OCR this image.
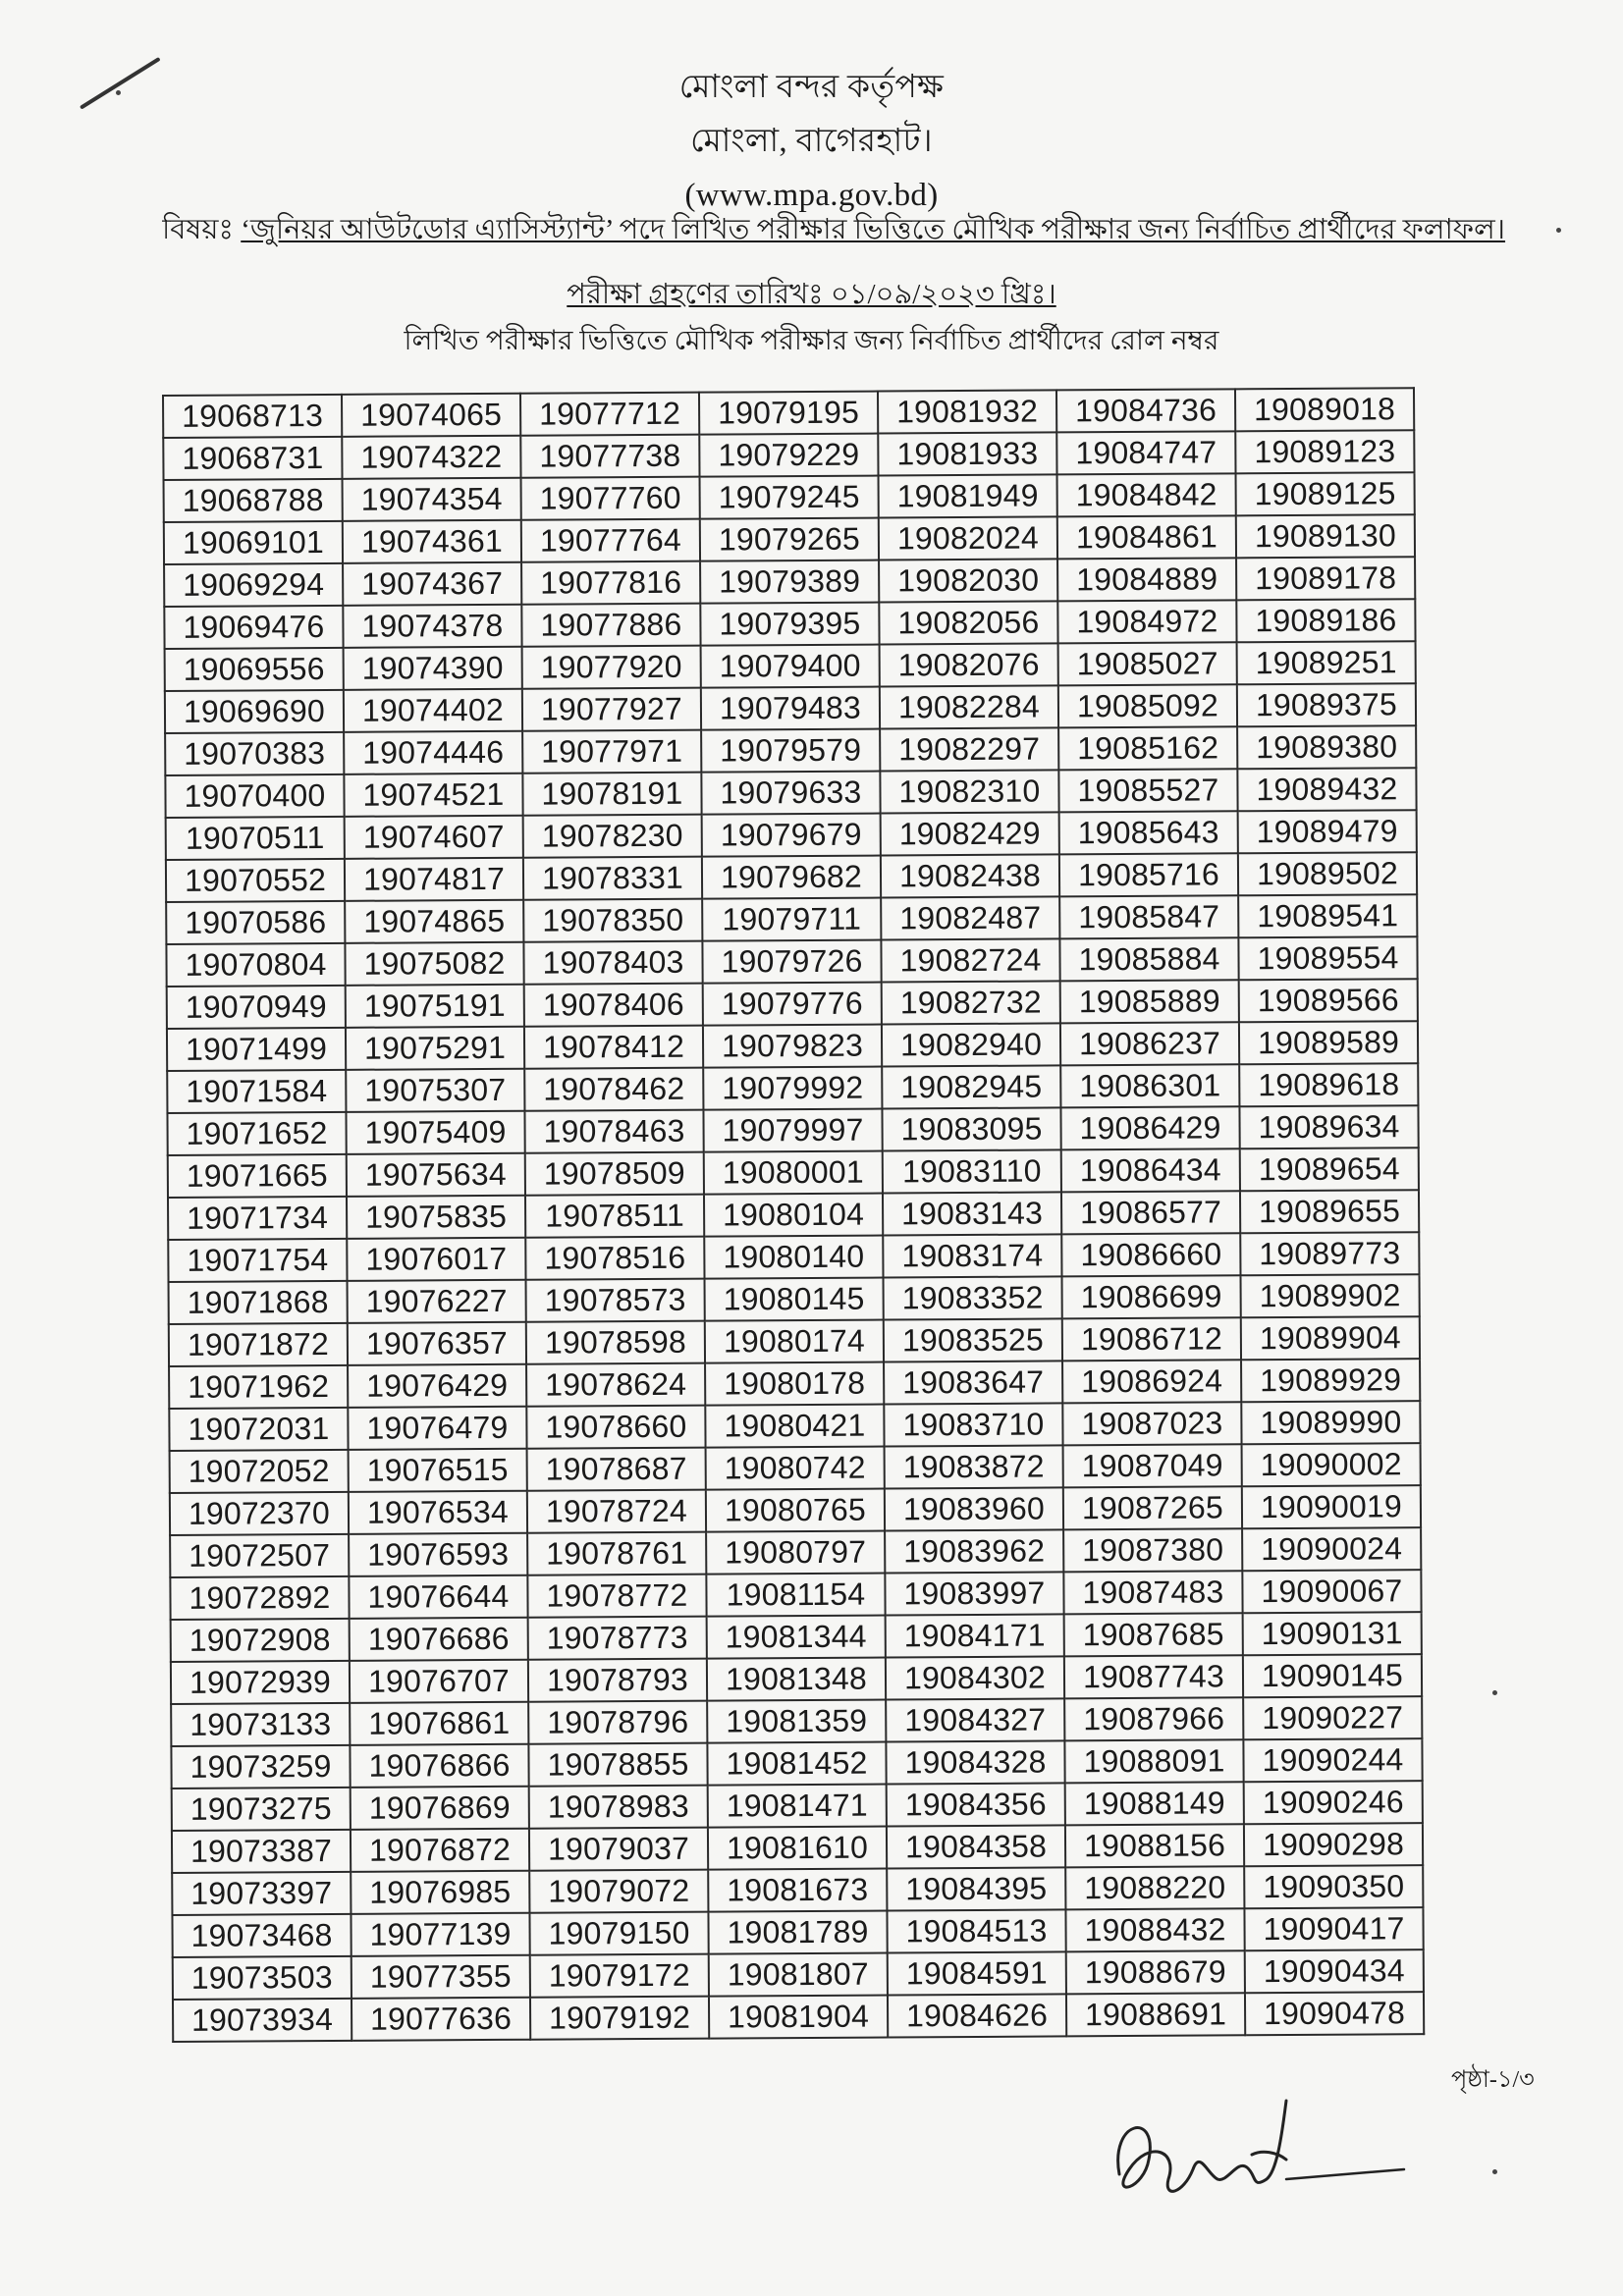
মোংলা বন্দর কর্তৃপক্ষ
মোংলা, বাগেরহাট।
(www.mpa.gov.bd)
বিষয়ঃ ‘জুনিয়র আউটডোর এ্যাসিস্ট্যান্ট’ পদে লিখিত পরীক্ষার ভিত্তিতে মৌখিক পরীক্ষার জন্য নির্বাচিত প্রার্থীদের ফলাফল।
পরীক্ষা গ্রহণের তারিখঃ ০১/০৯/২০২৩ খ্রিঃ।
লিখিত পরীক্ষার ভিত্তিতে মৌখিক পরীক্ষার জন্য নির্বাচিত প্রার্থীদের রোল নম্বর
19068713	19074065	19077712	19079195	19081932	19084736	19089018
19068731	19074322	19077738	19079229	19081933	19084747	19089123
19068788	19074354	19077760	19079245	19081949	19084842	19089125
19069101	19074361	19077764	19079265	19082024	19084861	19089130
19069294	19074367	19077816	19079389	19082030	19084889	19089178
19069476	19074378	19077886	19079395	19082056	19084972	19089186
19069556	19074390	19077920	19079400	19082076	19085027	19089251
19069690	19074402	19077927	19079483	19082284	19085092	19089375
19070383	19074446	19077971	19079579	19082297	19085162	19089380
19070400	19074521	19078191	19079633	19082310	19085527	19089432
19070511	19074607	19078230	19079679	19082429	19085643	19089479
19070552	19074817	19078331	19079682	19082438	19085716	19089502
19070586	19074865	19078350	19079711	19082487	19085847	19089541
19070804	19075082	19078403	19079726	19082724	19085884	19089554
19070949	19075191	19078406	19079776	19082732	19085889	19089566
19071499	19075291	19078412	19079823	19082940	19086237	19089589
19071584	19075307	19078462	19079992	19082945	19086301	19089618
19071652	19075409	19078463	19079997	19083095	19086429	19089634
19071665	19075634	19078509	19080001	19083110	19086434	19089654
19071734	19075835	19078511	19080104	19083143	19086577	19089655
19071754	19076017	19078516	19080140	19083174	19086660	19089773
19071868	19076227	19078573	19080145	19083352	19086699	19089902
19071872	19076357	19078598	19080174	19083525	19086712	19089904
19071962	19076429	19078624	19080178	19083647	19086924	19089929
19072031	19076479	19078660	19080421	19083710	19087023	19089990
19072052	19076515	19078687	19080742	19083872	19087049	19090002
19072370	19076534	19078724	19080765	19083960	19087265	19090019
19072507	19076593	19078761	19080797	19083962	19087380	19090024
19072892	19076644	19078772	19081154	19083997	19087483	19090067
19072908	19076686	19078773	19081344	19084171	19087685	19090131
19072939	19076707	19078793	19081348	19084302	19087743	19090145
19073133	19076861	19078796	19081359	19084327	19087966	19090227
19073259	19076866	19078855	19081452	19084328	19088091	19090244
19073275	19076869	19078983	19081471	19084356	19088149	19090246
19073387	19076872	19079037	19081610	19084358	19088156	19090298
19073397	19076985	19079072	19081673	19084395	19088220	19090350
19073468	19077139	19079150	19081789	19084513	19088432	19090417
19073503	19077355	19079172	19081807	19084591	19088679	19090434
19073934	19077636	19079192	19081904	19084626	19088691	19090478
পৃষ্ঠা-১/৩
